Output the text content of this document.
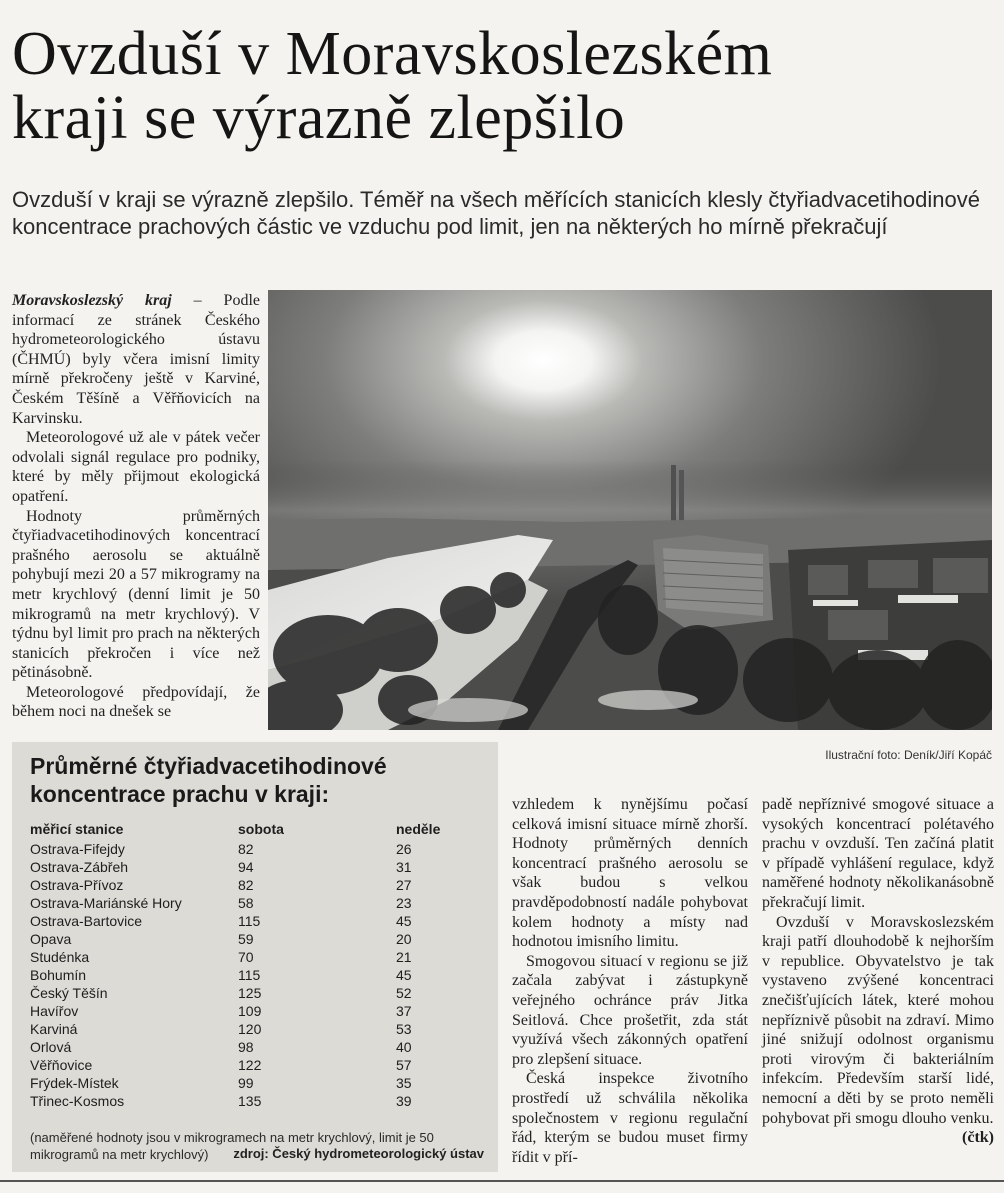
Ovzduší v Moravskoslezském
kraji se výrazně zlepšilo
Ovzduší v kraji se výrazně zlepšilo. Téměř na všech měřících stanicích klesly čtyřiadvacetihodinové koncentrace prachových částic ve vzduchu pod limit, jen na některých ho mírně překračují

Moravskoslezský kraj – Podle informací ze stránek Českého hydrometeorologického ústavu (ČHMÚ) byly včera imisní limity mírně překročeny ještě v Karviné, Českém Těšíně a Věřňovicích na Karvinsku.

Meteorologové už ale v pátek večer odvolali signál regulace pro podniky, které by měly přijmout ekologická opatření.

Hodnoty průměrných čtyřiadvacetihodinových koncentrací prašného aerosolu se aktuálně pohybují mezi 20 a 57 mikrogramy na metr krychlový (denní limit je 50 mikrogramů na metr krychlový). V týdnu byl limit pro prach na některých stanicích překročen i více než pětinásobně.

Meteorologové předpovídají, že během noci na dnešek se

Ilustrační foto: Deník/Jiří Kopáč
Průměrné čtyřiadvacetihodinové koncentrace prachu v kraji:
měřicí stanice	sobota	neděle
Ostrava-Fifejdy	82	26
Ostrava-Zábřeh	94	31
Ostrava-Přívoz	82	27
Ostrava-Mariánské Hory	58	23
Ostrava-Bartovice	115	45
Opava	59	20
Studénka	70	21
Bohumín	115	45
Český Těšín	125	52
Havířov	109	37
Karviná	120	53
Orlová	98	40
Věřňovice	122	57
Frýdek-Místek	99	35
Třinec-Kosmos	135	39
(naměřené hodnoty jsou v mikrogramech na metr krychlový, limit je 50 mikrogramů na metr krychlový)	zdroj: Český hydrometeorologický ústav

vzhledem k nynějšímu počasí celková imisní situace mírně zhorší. Hodnoty průměrných denních koncentrací prašného aerosolu se však budou s velkou pravděpodobností nadále pohybovat kolem hodnoty a místy nad hodnotou imisního limitu.

Smogovou situací v regionu se již začala zabývat i zástupkyně veřejného ochránce práv Jitka Seitlová. Chce prošetřit, zda stát využívá všech zákonných opatření pro zlepšení situace.

Česká inspekce životního prostředí už schválila několika společnostem v regionu regulační řád, kterým se budou muset firmy řídit v pří-

padě nepříznivé smogové situace a vysokých koncentrací polétavého prachu v ovzduší. Ten začíná platit v případě vyhlášení regulace, když naměřené hodnoty několikanásobně překračují limit.

Ovzduší v Moravskoslezském kraji patří dlouhodobě k nejhorším v republice. Obyvatelstvo je tak vystaveno zvýšené koncentraci znečišťujících látek, které mohou nepříznivě působit na zdraví. Mimo jiné snižují odolnost organismu proti virovým či bakteriálním infekcím. Především starší lidé, nemocní a děti by se proto neměli pohybovat při smogu dlouho venku.

(čtk)
